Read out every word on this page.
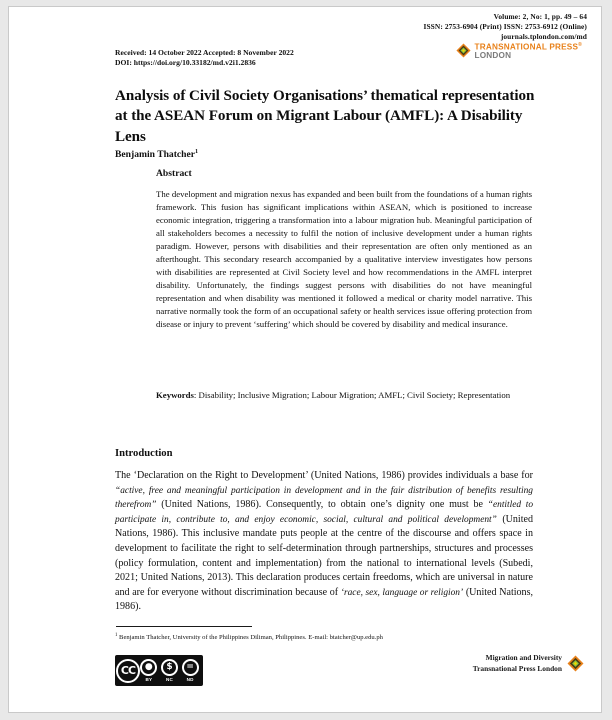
Volume: 2, No: 1, pp. 49 – 64
ISSN: 2753-6904 (Print) ISSN: 2753-6912 (Online)
journals.tplondon.com/md
TRANSNATIONAL PRESS®
LONDON
Received: 14 October 2022 Accepted: 8 November 2022
DOI: https://doi.org/10.33182/md.v2i1.2836
Analysis of Civil Society Organisations’ thematical representation at the ASEAN Forum on Migrant Labour (AMFL): A Disability Lens
Benjamin Thatcher$^1$
Abstract
The development and migration nexus has expanded and been built from the foundations of a human rights framework. This fusion has significant implications within ASEAN, which is positioned to increase economic integration, triggering a transformation into a labour migration hub. Meaningful participation of all stakeholders becomes a necessity to fulfil the notion of inclusive development under a human rights paradigm. However, persons with disabilities and their representation are often only mentioned as an afterthought. This secondary research accompanied by a qualitative interview investigates how persons with disabilities are represented at Civil Society level and how recommendations in the AMFL interpret disability. Unfortunately, the findings suggest persons with disabilities do not have meaningful representation and when disability was mentioned it followed a medical or charity model narrative. This narrative normally took the form of an occupational safety or health services issue offering protection from disease or injury to prevent ‘suffering’ which should be covered by disability and medical insurance.
Keywords: Disability; Inclusive Migration; Labour Migration; AMFL; Civil Society; Representation
Introduction
The ‘Declaration on the Right to Development’ (United Nations, 1986) provides individuals a base for “active, free and meaningful participation in development and in the fair distribution of benefits resulting therefrom” (United Nations, 1986). Consequently, to obtain one’s dignity one must be “entitled to participate in, contribute to, and enjoy economic, social, cultural and political development” (United Nations, 1986). This inclusive mandate puts people at the centre of the discourse and offers space in development to facilitate the right to self-determination through partnerships, structures and processes (policy formulation, content and implementation) from the national to international levels (Subedi, 2021; United Nations, 2013). This declaration produces certain freedoms, which are universal in nature and are for everyone without discrimination because of ‘race, sex, language or religion’ (United Nations, 1986).
$^1$ Benjamin Thatcher, University of the Philippines Diliman, Philippines. E-mail: btatcher@up.edu.ph
CC	●
BY
$
NC
=
ND
Migration and Diversity
Transnational Press London
